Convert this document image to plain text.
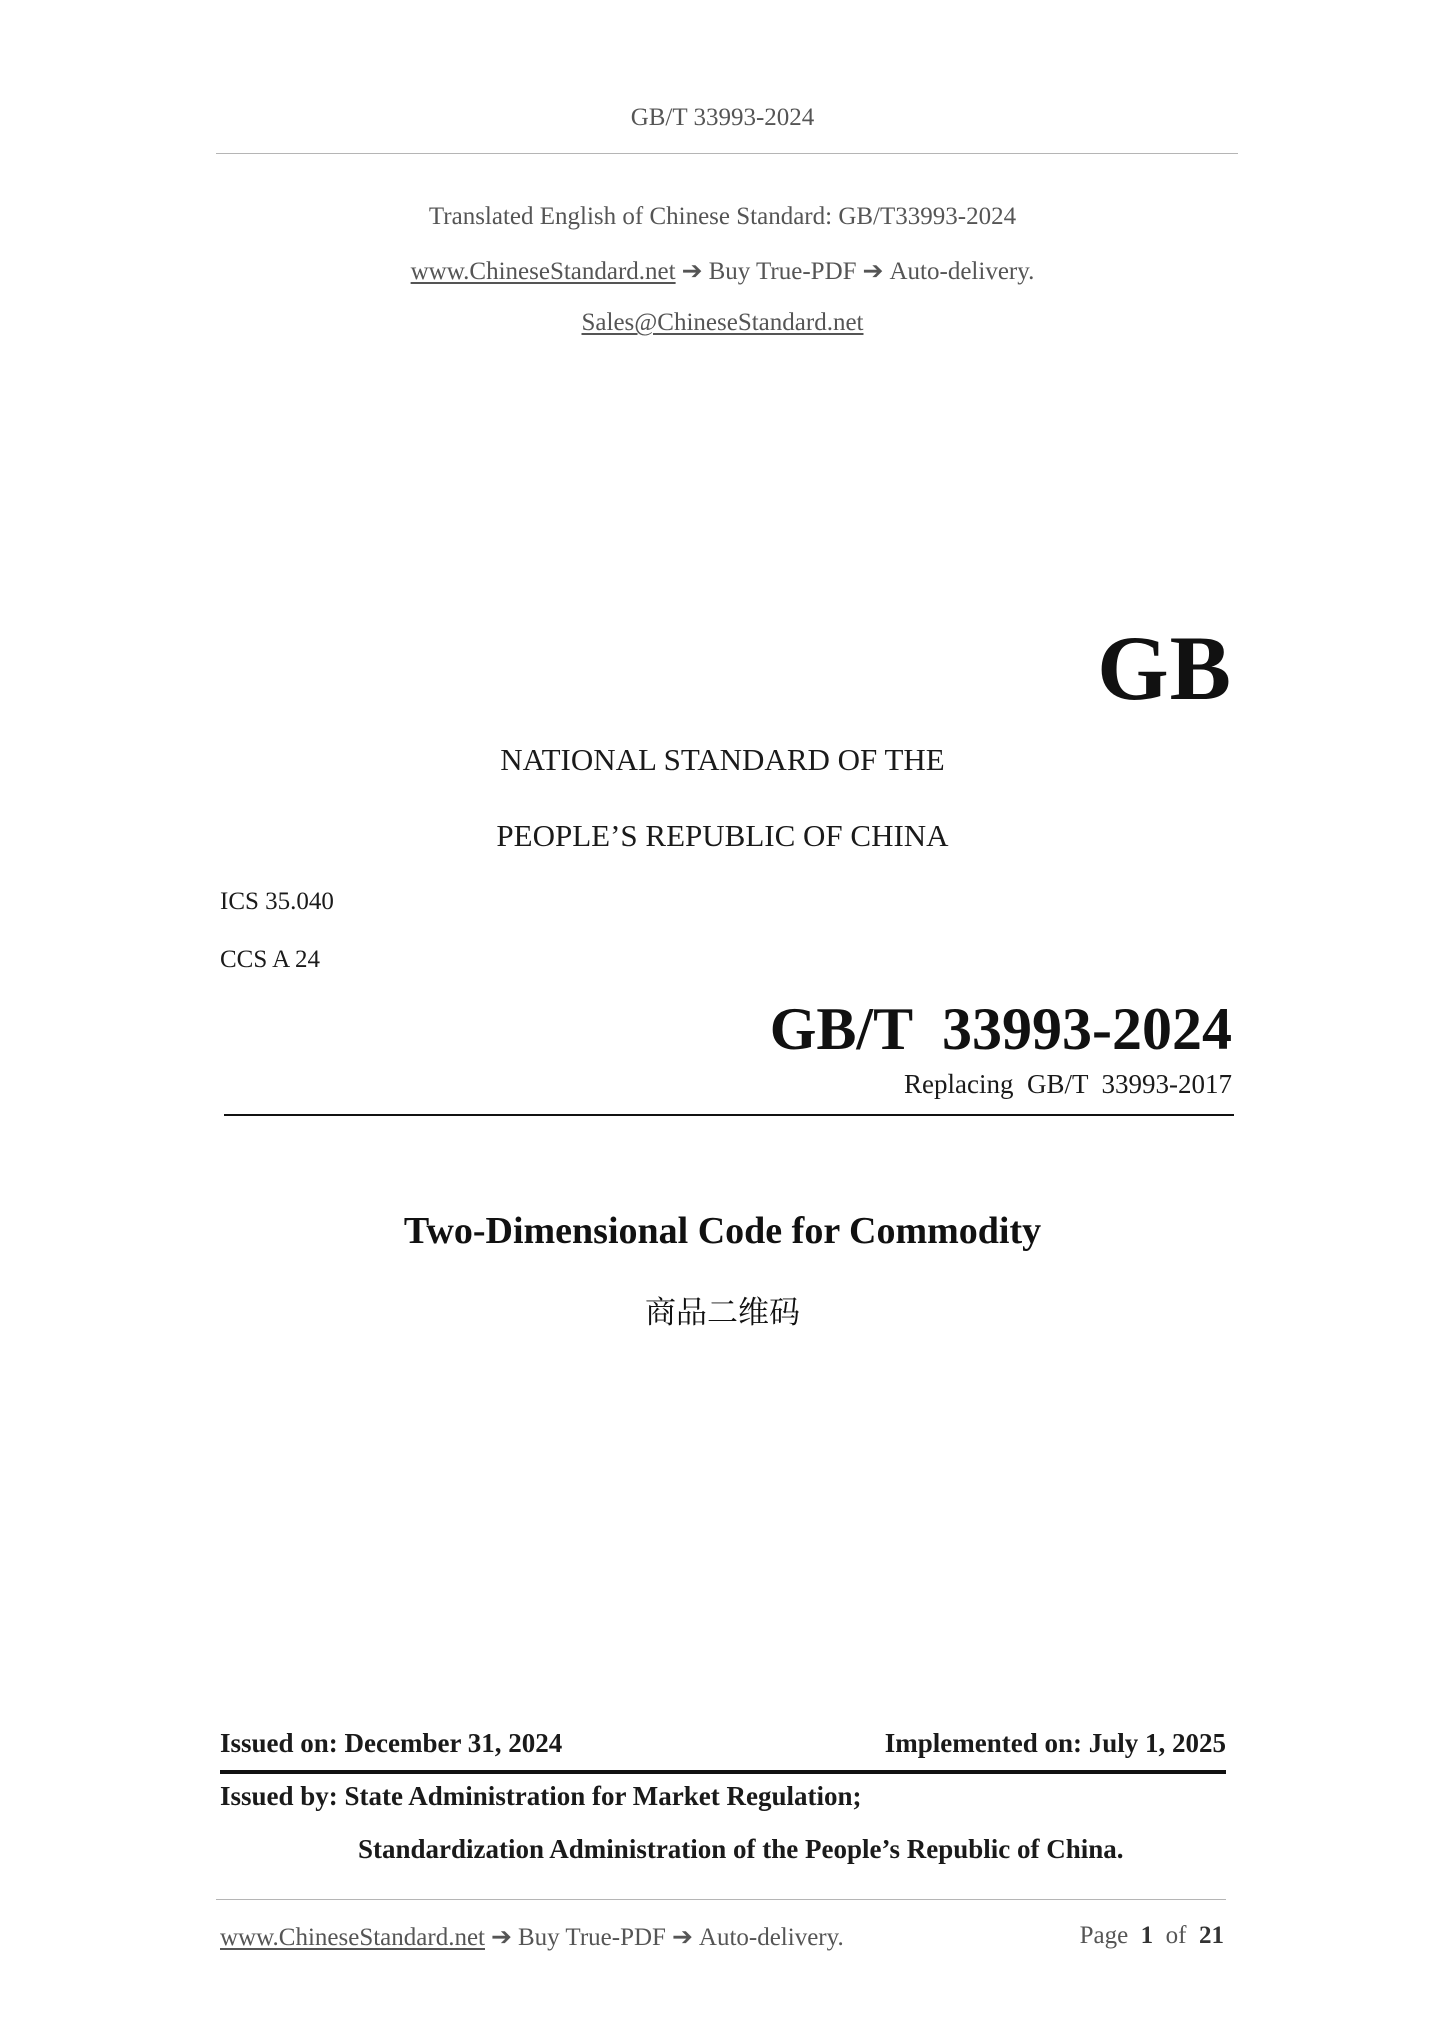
GB/T 33993-2024
Translated English of Chinese Standard: GB/T33993-2024
www.ChineseStandard.net ➔ Buy True-PDF ➔ Auto-delivery.
Sales@ChineseStandard.net
GB
NATIONAL STANDARD OF THE
PEOPLE’S REPUBLIC OF CHINA
ICS 35.040
CCS A 24
GB/T  33993-2024
Replacing  GB/T  33993-2017
Two-Dimensional Code for Commodity
商品二维码
Issued on: December 31, 2024	Implemented on: July 1, 2025
Issued by: State Administration for Market Regulation;
Standardization Administration of the People’s Republic of China.
www.ChineseStandard.net ➔ Buy True-PDF ➔ Auto-delivery.	Page 1 of 21
